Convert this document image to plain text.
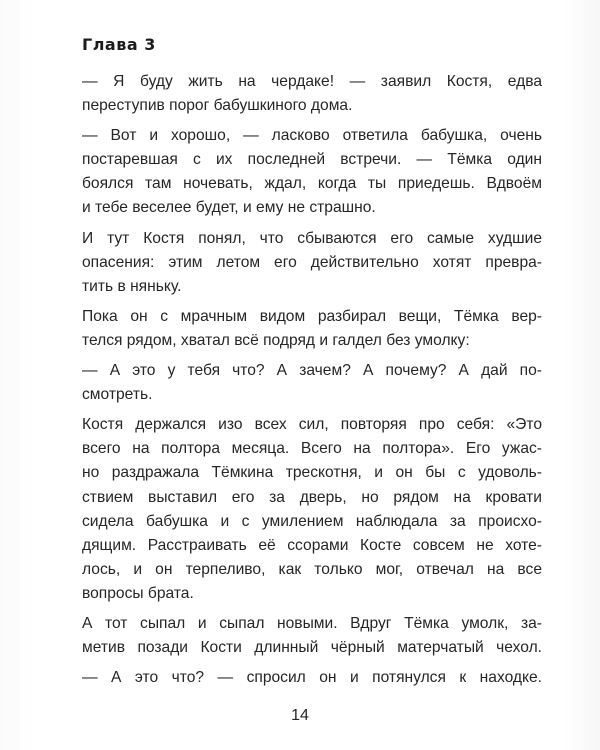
Глава 3

— Я буду жить на чердаке! — заявил Костя, едва
переступив порог бабушкиного дома.

— Вот и хорошо, — ласково ответила бабушка, очень
постаревшая с их последней встречи. — Тёмка один
боялся там ночевать, ждал, когда ты приедешь. Вдвоём
и тебе веселее будет, и ему не страшно.

И тут Костя понял, что сбываются его самые худшие
опасения: этим летом его действительно хотят превра-
тить в няньку.

Пока он с мрачным видом разбирал вещи, Тёмка вер-
телся рядом, хватал всё подряд и галдел без умолку:

— А это у тебя что? А зачем? А почему? А дай по-
смотреть.

Костя держался изо всех сил, повторяя про себя: «Это
всего на полтора месяца. Всего на полтора». Его ужас-
но раздражала Тёмкина трескотня, и он бы с удоволь-
ствием выставил его за дверь, но рядом на кровати
сидела бабушка и с умилением наблюдала за происхо-
дящим. Расстраивать её ссорами Косте совсем не хоте-
лось, и он терпеливо, как только мог, отвечал на все
вопросы брата.

А тот сыпал и сыпал новыми. Вдруг Тёмка умолк, за-
метив позади Кости длинный чёрный матерчатый чехол.

— А это что? — спросил он и потянулся к находке.

14
